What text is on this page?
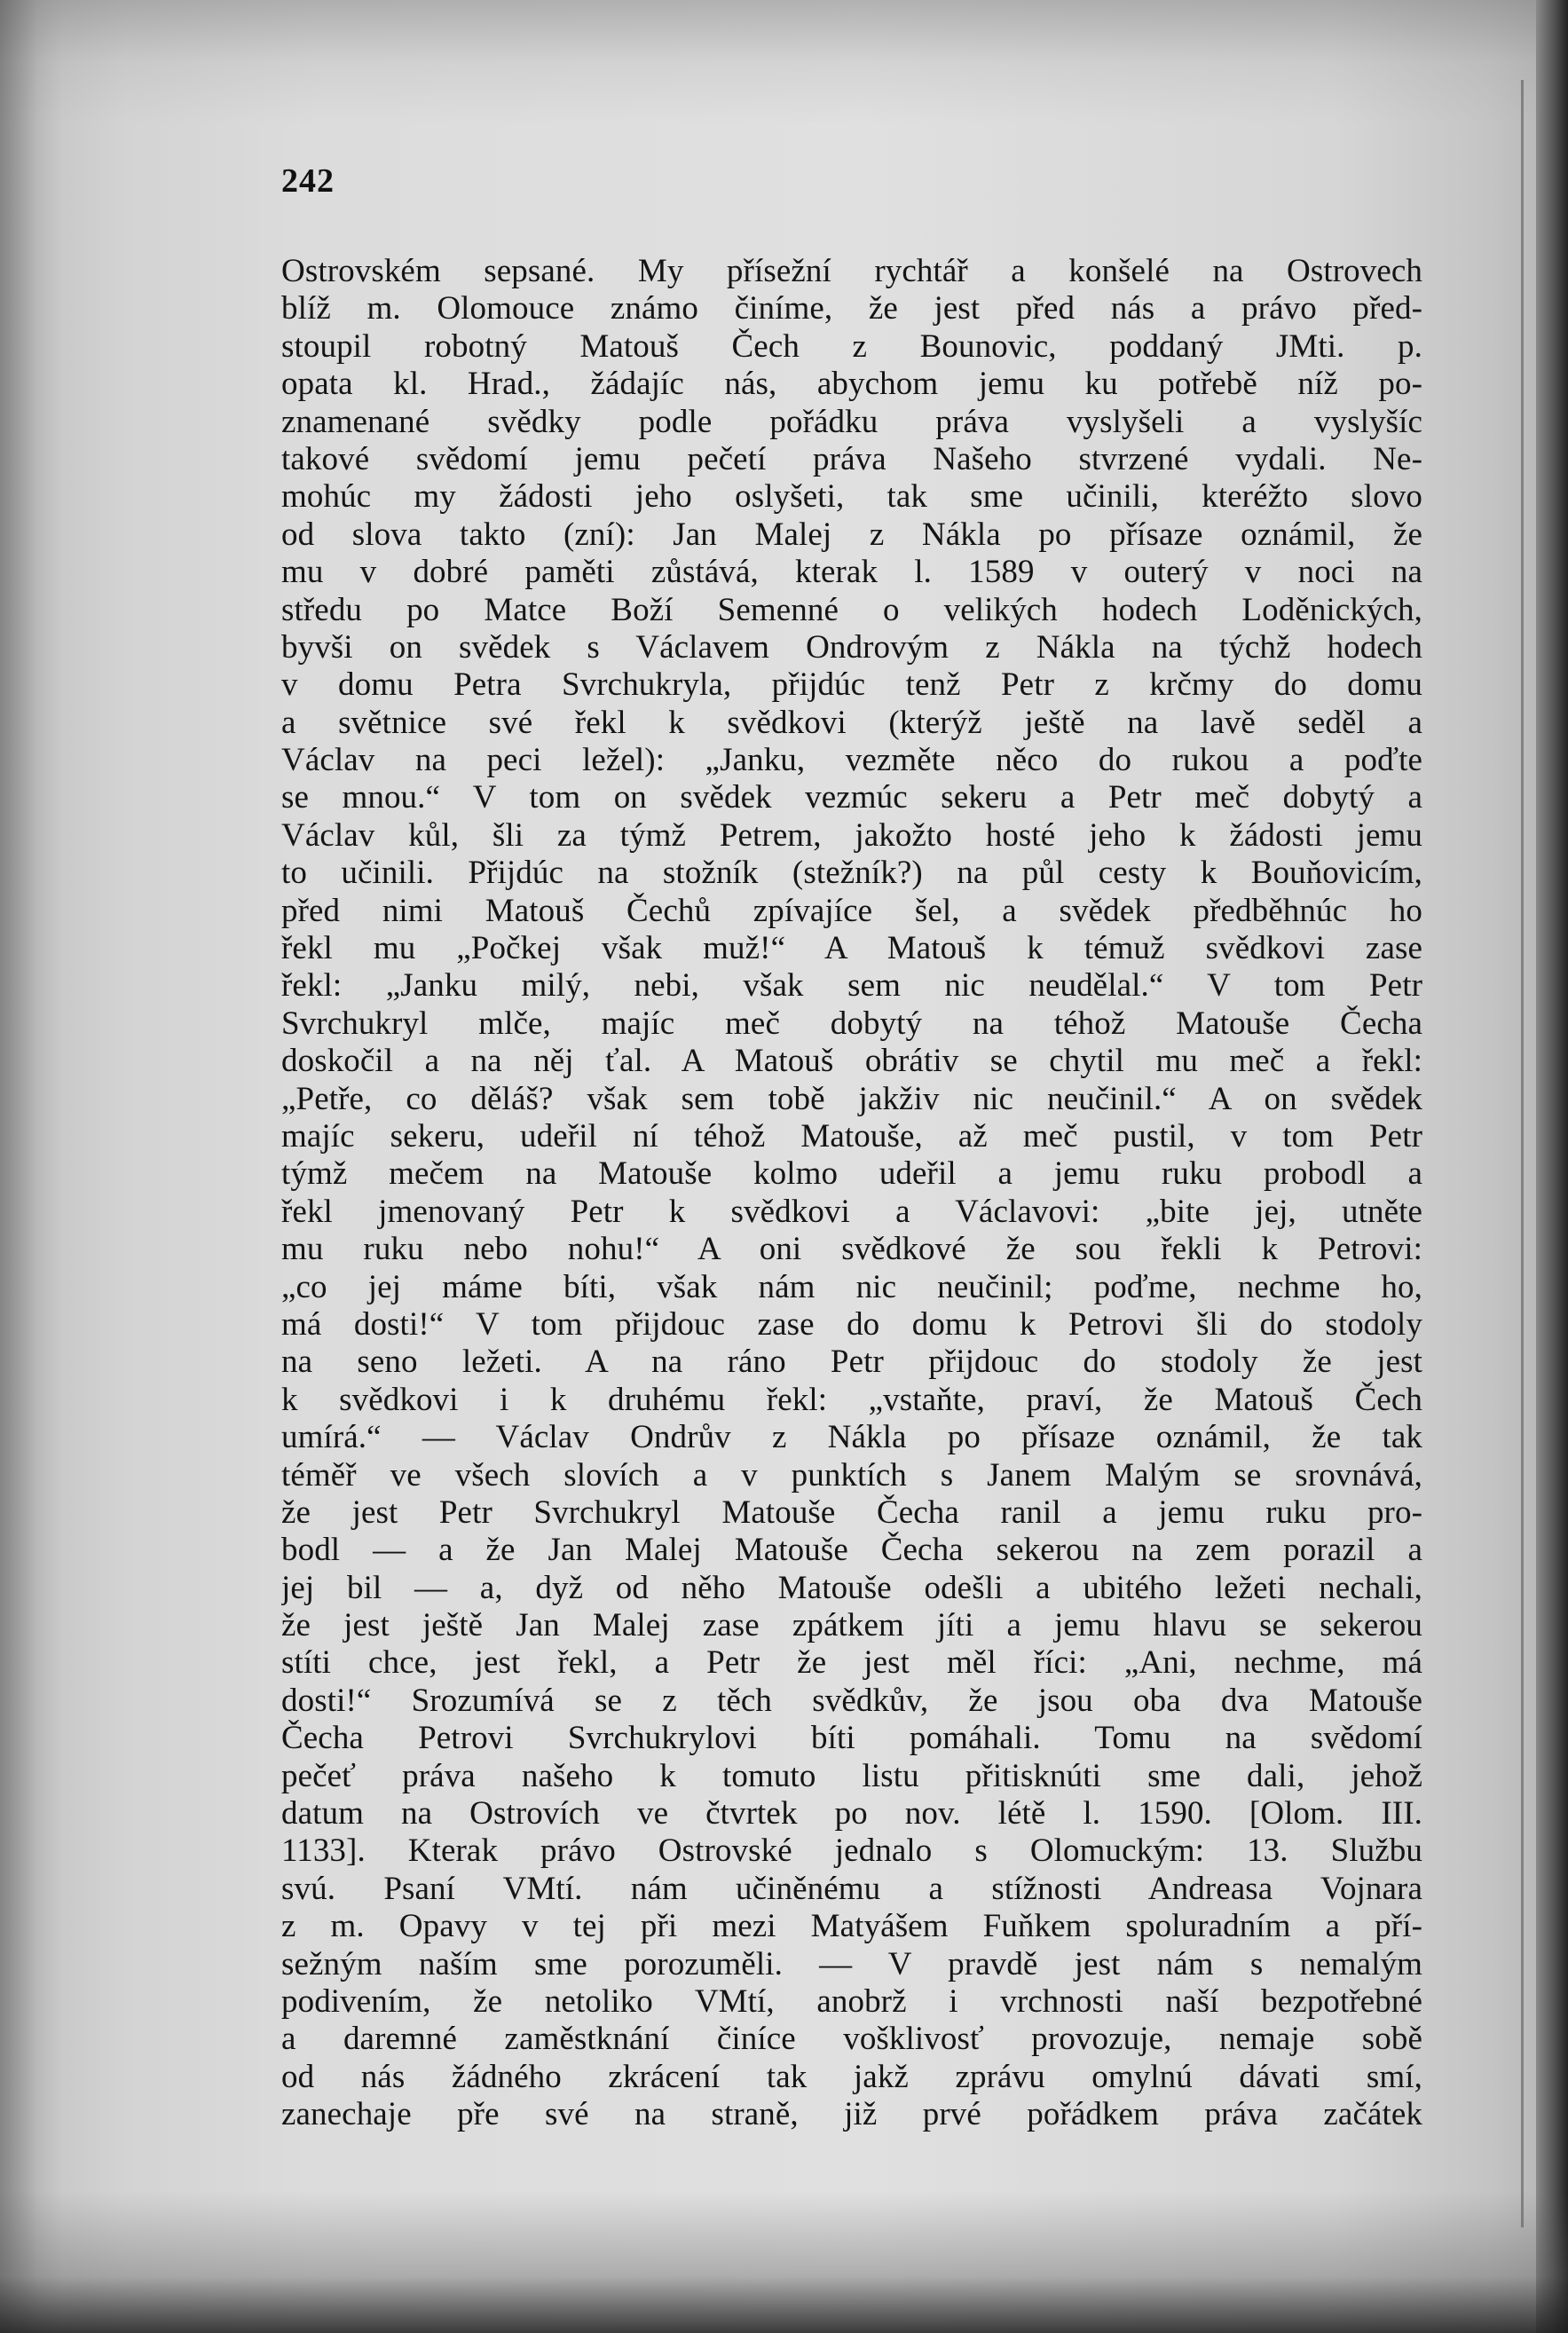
242
Ostrovském sepsané. My přísežní rychtář a konšelé na Ostrovech
blíž m. Olomouce známo činíme, že jest před nás a právo před-
stoupil robotný Matouš Čech z Bounovic, poddaný JMti. p.
opata kl. Hrad., žádajíc nás, abychom jemu ku potřebě níž po-
znamenané svědky podle pořádku práva vyslyšeli a vyslyšíc
takové svědomí jemu pečetí práva Našeho stvrzené vydali. Ne-
mohúc my žádosti jeho oslyšeti, tak sme učinili, kteréžto slovo
od slova takto (zní): Jan Malej z Nákla po přísaze oznámil, že
mu v dobré paměti zůstává, kterak l. 1589 v outerý v noci na
středu po Matce Boží Semenné o velikých hodech Loděnických,
byvši on svědek s Václavem Ondrovým z Nákla na týchž hodech
v domu Petra Svrchukryla, přijdúc tenž Petr z krčmy do domu
a světnice své řekl k svědkovi (kterýž ještě na lavě seděl a
Václav na peci ležel): „Janku, vezměte něco do rukou a poďte
se mnou.“ V tom on svědek vezmúc sekeru a Petr meč dobytý a
Václav kůl, šli za týmž Petrem, jakožto hosté jeho k žádosti jemu
to učinili. Přijdúc na stožník (stežník?) na půl cesty k Bouňovicím,
před nimi Matouš Čechů zpívajíce šel, a svědek předběhnúc ho
řekl mu „Počkej však muž!“ A Matouš k témuž svědkovi zase
řekl: „Janku milý, nebi, však sem nic neudělal.“ V tom Petr
Svrchukryl mlče, majíc meč dobytý na téhož Matouše Čecha
doskočil a na něj ťal. A Matouš obrátiv se chytil mu meč a řekl:
„Petře, co děláš? však sem tobě jakživ nic neučinil.“ A on svědek
majíc sekeru, udeřil ní téhož Matouše, až meč pustil, v tom Petr
týmž mečem na Matouše kolmo udeřil a jemu ruku probodl a
řekl jmenovaný Petr k svědkovi a Václavovi: „bite jej, utněte
mu ruku nebo nohu!“ A oni svědkové že sou řekli k Petrovi:
„co jej máme bíti, však nám nic neučinil; poďme, nechme ho,
má dosti!“ V tom přijdouc zase do domu k Petrovi šli do stodoly
na seno ležeti. A na ráno Petr přijdouc do stodoly že jest
k svědkovi i k druhému řekl: „vstaňte, praví, že Matouš Čech
umírá.“ — Václav Ondrův z Nákla po přísaze oznámil, že tak
téměř ve všech slovích a v punktích s Janem Malým se srovnává,
že jest Petr Svrchukryl Matouše Čecha ranil a jemu ruku pro-
bodl — a že Jan Malej Matouše Čecha sekerou na zem porazil a
jej bil — a, dyž od něho Matouše odešli a ubitého ležeti nechali,
že jest ještě Jan Malej zase zpátkem jíti a jemu hlavu se sekerou
stíti chce, jest řekl, a Petr že jest měl říci: „Ani, nechme, má
dosti!“ Srozumívá se z těch svědkův, že jsou oba dva Matouše
Čecha Petrovi Svrchukrylovi bíti pomáhali. Tomu na svědomí
pečeť práva našeho k tomuto listu přitisknúti sme dali, jehož
datum na Ostrovích ve čtvrtek po nov. létě l. 1590. [Olom. III.
1133]. Kterak právo Ostrovské jednalo s Olomuckým: 13. Službu
svú. Psaní VMtí. nám učiněnému a stížnosti Andreasa Vojnara
z m. Opavy v tej při mezi Matyášem Fuňkem spoluradním a pří-
sežným naším sme porozuměli. — V pravdě jest nám s nemalým
podivením, že netoliko VMtí, anobrž i vrchnosti naší bezpotřebné
a daremné zaměstknání činíce vošklivosť provozuje, nemaje sobě
od nás žádného zkrácení tak jakž zprávu omylnú dávati smí,
zanechaje pře své na straně, již prvé pořádkem práva začátek
